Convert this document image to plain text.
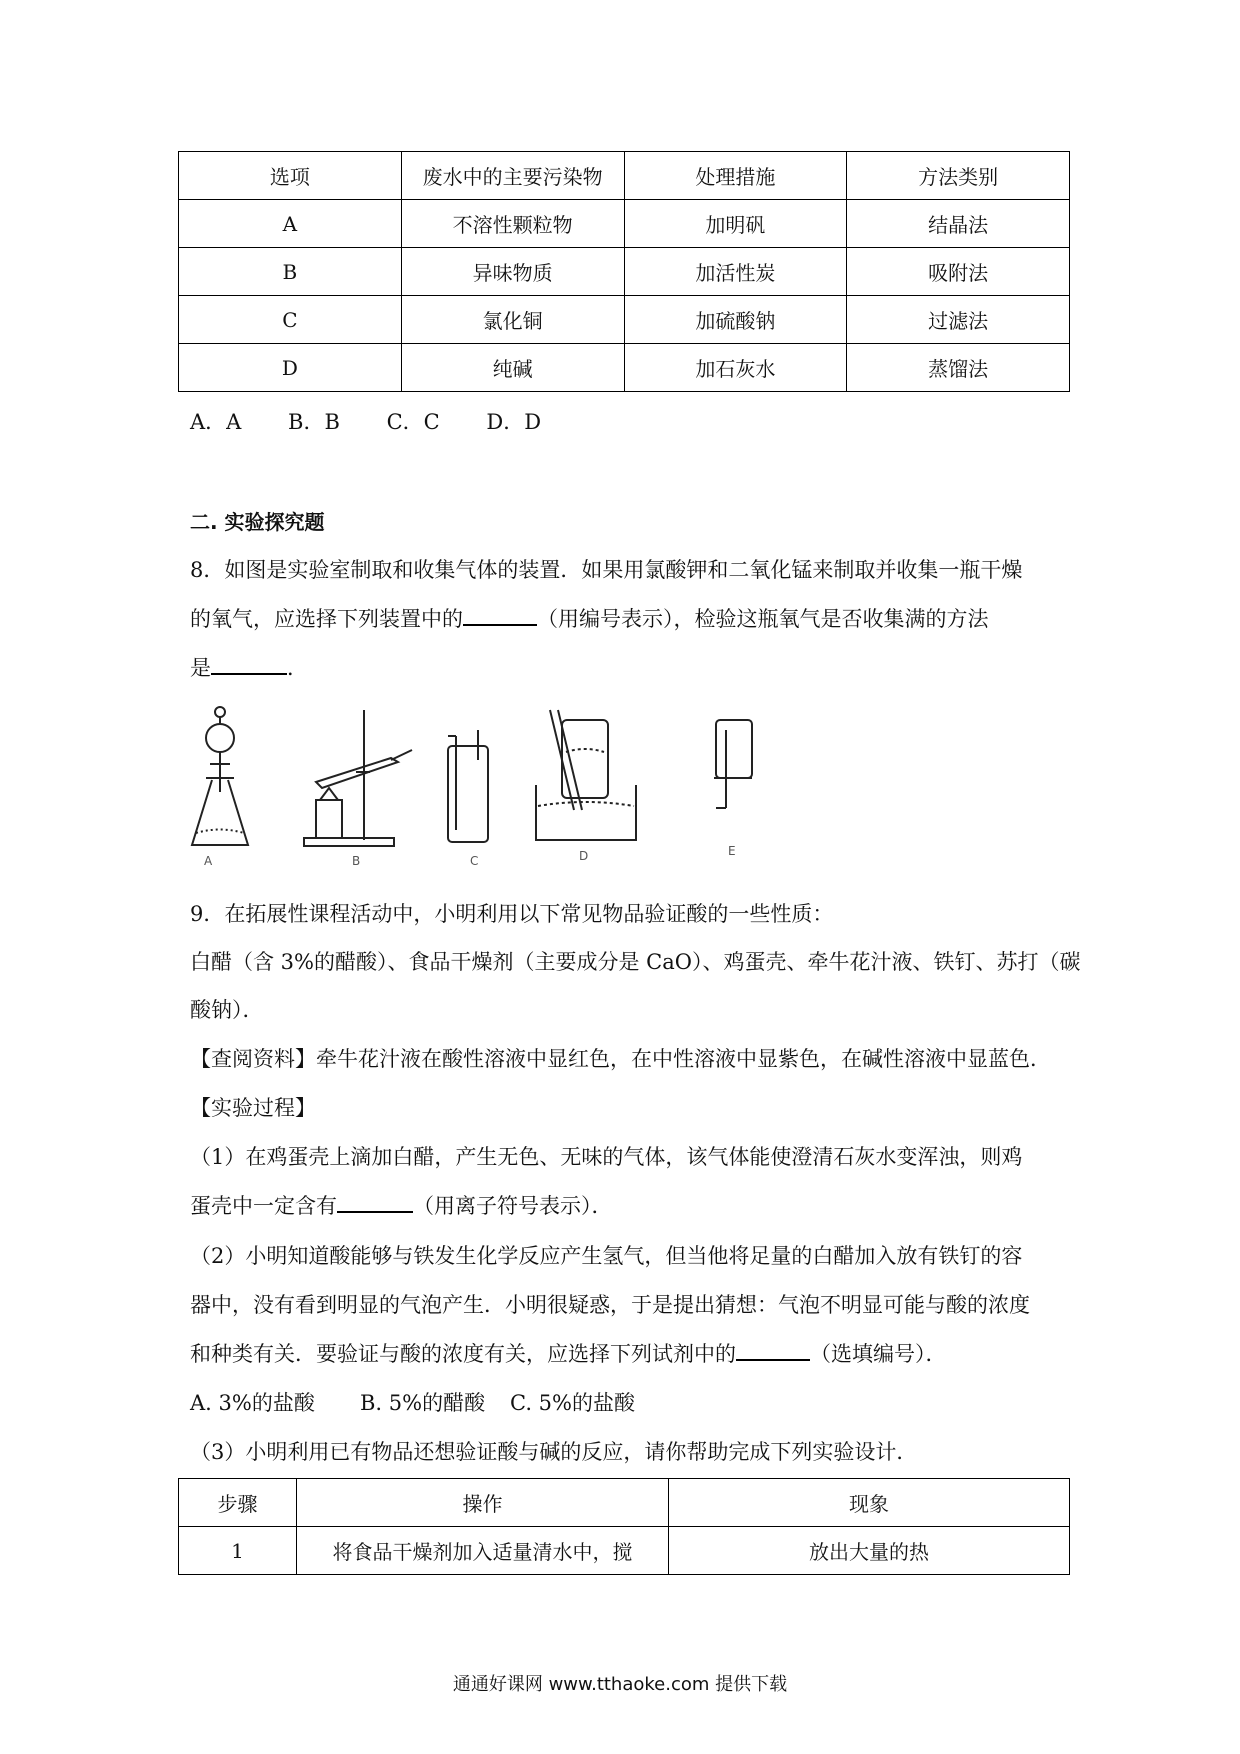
选项	废水中的主要污染物	处理措施	方法类别
A	不溶性颗粒物	加明矾	结晶法
B	异味物质	加活性炭	吸附法
C	氯化铜	加硫酸钠	过滤法
D	纯碱	加石灰水	蒸馏法
A．A B．B C．C D．D
二. 实验探究题
8．如图是实验室制取和收集气体的装置．如果用氯酸钾和二氧化锰来制取并收集一瓶干燥
的氧气，应选择下列装置中的	（用编号表示），检验这瓶氧气是否收集满的方法
是	．
A	B	C	D	E
9．在拓展性课程活动中，小明利用以下常见物品验证酸的一些性质：
白醋（含 3%的醋酸）、食品干燥剂（主要成分是 CaO）、鸡蛋壳、牵牛花汁液、铁钉、苏打（碳
酸钠）．
【查阅资料】牵牛花汁液在酸性溶液中显红色，在中性溶液中显紫色，在碱性溶液中显蓝色．
【实验过程】
（1）在鸡蛋壳上滴加白醋，产生无色、无味的气体，该气体能使澄清石灰水变浑浊，则鸡
蛋壳中一定含有	（用离子符号表示）．
（2）小明知道酸能够与铁发生化学反应产生氢气，但当他将足量的白醋加入放有铁钉的容
器中，没有看到明显的气泡产生．小明很疑惑，于是提出猜想：气泡不明显可能与酸的浓度
和种类有关．要验证与酸的浓度有关，应选择下列试剂中的	（选填编号）．
A. 3%的盐酸 B. 5%的醋酸 C. 5%的盐酸
（3）小明利用已有物品还想验证酸与碱的反应，请你帮助完成下列实验设计．
步骤	操作	现象
1	将食品干燥剂加入适量清水中，搅	放出大量的热
通通好课网 www.tthaoke.com 提供下载
